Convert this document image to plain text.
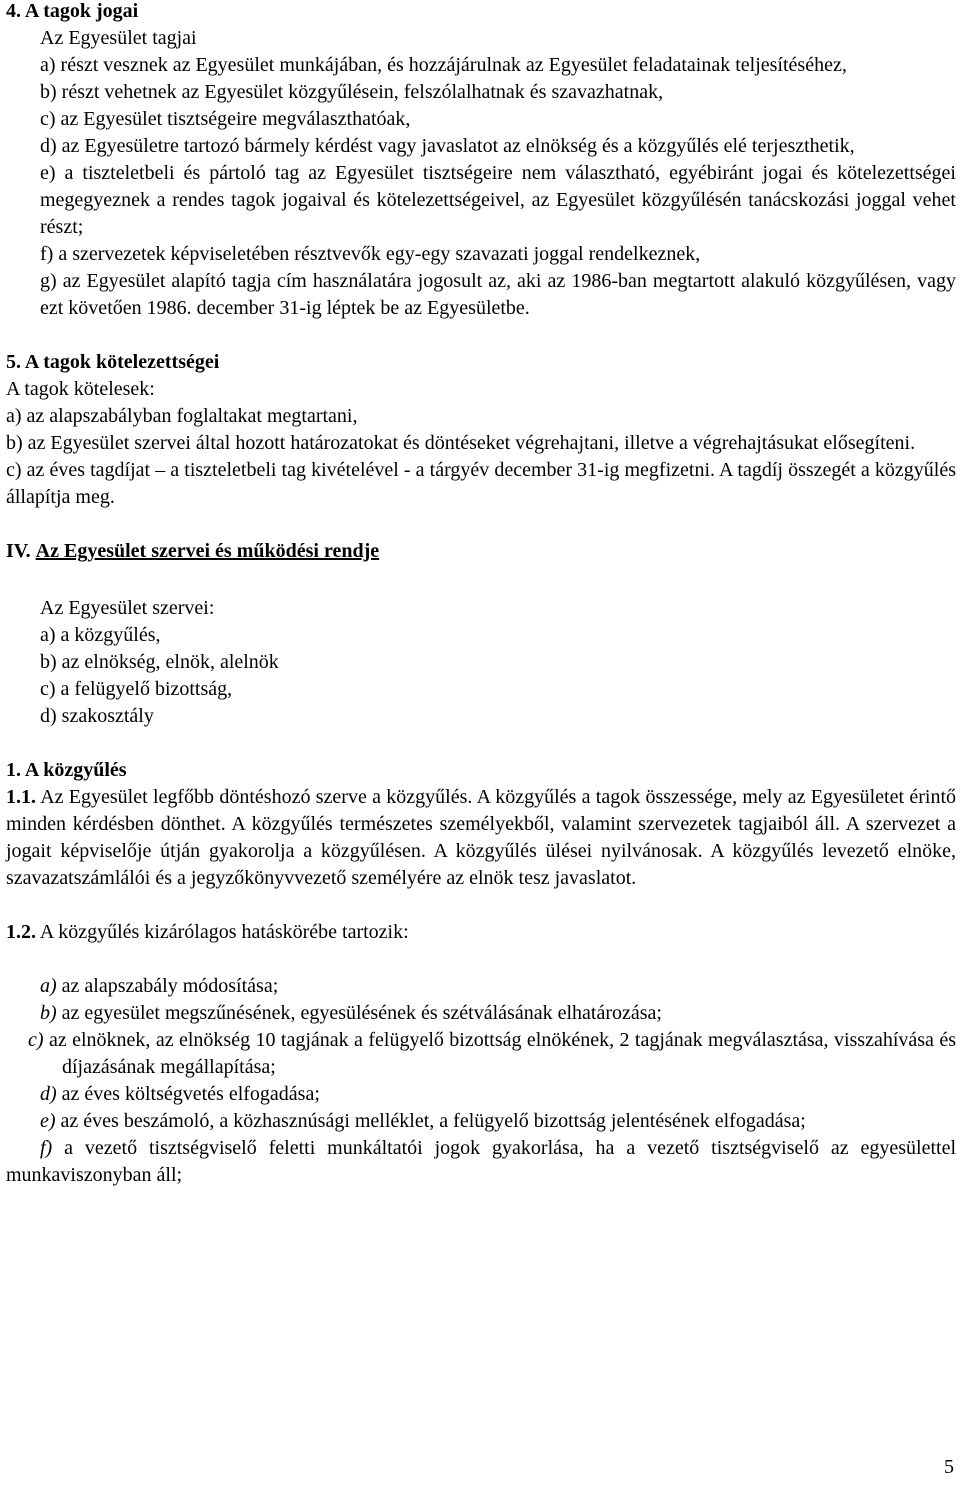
4. A tagok jogai

Az Egyesület tagjai

a) részt vesznek az Egyesület munkájában, és hozzájárulnak az Egyesület feladatainak teljesítéséhez,

b) részt vehetnek az Egyesület közgyűlésein, felszólalhatnak és szavazhatnak,

c) az Egyesület tisztségeire megválaszthatóak,

d) az Egyesületre tartozó bármely kérdést vagy javaslatot az elnökség és a közgyűlés elé terjeszthetik,

e) a tiszteletbeli és pártoló tag az Egyesület tisztségeire nem választható, egyébiránt jogai és kötelezettségei megegyeznek a rendes tagok jogaival és kötelezettségeivel, az Egyesület közgyűlésén tanácskozási joggal vehet részt;

f) a szervezetek képviseletében résztvevők egy-egy szavazati joggal rendelkeznek,

g) az Egyesület alapító tagja cím használatára jogosult az, aki az 1986-ban megtartott alakuló közgyűlésen, vagy ezt követően 1986. december 31-ig léptek be az Egyesületbe.

5. A tagok kötelezettségei

A tagok kötelesek:

a) az alapszabályban foglaltakat megtartani,

b) az Egyesület szervei által hozott határozatokat és döntéseket végrehajtani, illetve a végrehajtásukat elősegíteni.

c) az éves tagdíjat – a tiszteletbeli tag kivételével - a tárgyév december 31-ig megfizetni. A tagdíj összegét a közgyűlés állapítja meg.

IV. Az Egyesület szervei és működési rendje

Az Egyesület szervei:

a) a közgyűlés,

b) az elnökség, elnök, alelnök

c) a felügyelő bizottság,

d) szakosztály

1. A közgyűlés

1.1. Az Egyesület legfőbb döntéshozó szerve a közgyűlés. A közgyűlés a tagok összessége, mely az Egyesületet érintő minden kérdésben dönthet. A közgyűlés természetes személyekből, valamint szervezetek tagjaiból áll. A szervezet a jogait képviselője útján gyakorolja a közgyűlésen. A közgyűlés ülései nyilvánosak. A közgyűlés levezető elnöke, szavazatszámlálói és a jegyzőkönyvvezető személyére az elnök tesz javaslatot.

1.2. A közgyűlés kizárólagos hatáskörébe tartozik:

a) az alapszabály módosítása;

b) az egyesület megszűnésének, egyesülésének és szétválásának elhatározása;

c) az elnöknek, az elnökség 10 tagjának a felügyelő bizottság elnökének, 2 tagjának megválasztása, visszahívása és díjazásának megállapítása;

d) az éves költségvetés elfogadása;

e) az éves beszámoló, a közhasznúsági melléklet, a felügyelő bizottság jelentésének elfogadása;

f) a vezető tisztségviselő feletti munkáltatói jogok gyakorlása, ha a vezető tisztségviselő az egyesülettel munkaviszonyban áll;

5
